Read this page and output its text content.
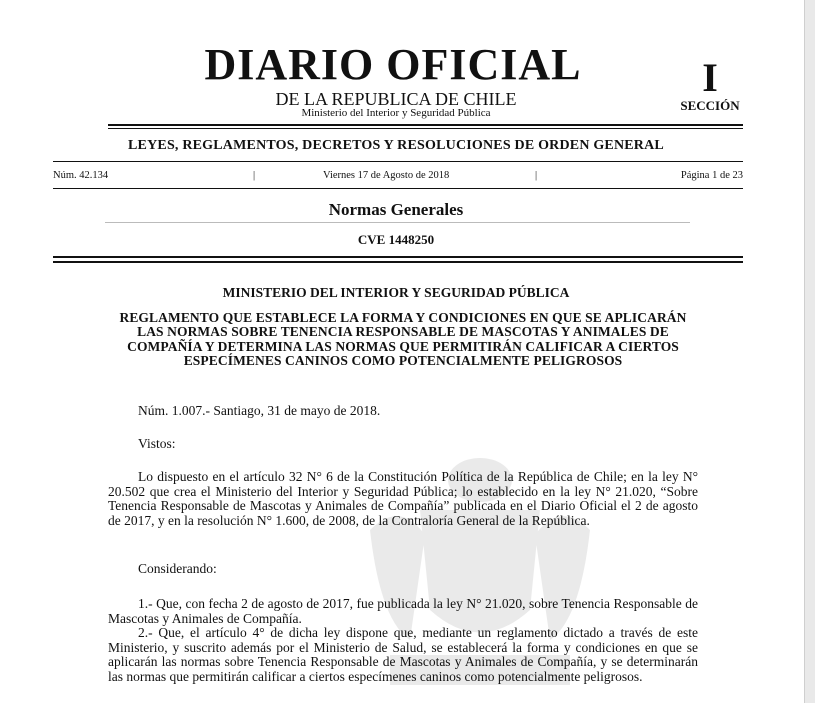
DIARIO OFICIAL
DE LA REPUBLICA DE CHILE
Ministerio del Interior y Seguridad Pública
I
SECCIÓN
LEYES, REGLAMENTOS, DECRETOS Y RESOLUCIONES DE ORDEN GENERAL
Núm. 42.134	|	Viernes 17 de Agosto de 2018	|	Página 1 de 23
Normas Generales
CVE 1448250
MINISTERIO DEL INTERIOR Y SEGURIDAD PÚBLICA
REGLAMENTO QUE ESTABLECE LA FORMA Y CONDICIONES EN QUE SE APLICARÁN LAS NORMAS SOBRE TENENCIA RESPONSABLE DE MASCOTAS Y ANIMALES DE COMPAÑÍA Y DETERMINA LAS NORMAS QUE PERMITIRÁN CALIFICAR A CIERTOS ESPECÍMENES CANINOS COMO POTENCIALMENTE PELIGROSOS
Núm. 1.007.- Santiago, 31 de mayo de 2018.
Vistos:
Lo dispuesto en el artículo 32 N° 6 de la Constitución Política de la República de Chile; en la ley N° 20.502 que crea el Ministerio del Interior y Seguridad Pública; lo establecido en la ley N° 21.020, “Sobre Tenencia Responsable de Mascotas y Animales de Compañía” publicada en el Diario Oficial el 2 de agosto de 2017, y en la resolución N° 1.600, de 2008, de la Contraloría General de la República.
Considerando:
1.- Que, con fecha 2 de agosto de 2017, fue publicada la ley N° 21.020, sobre Tenencia Responsable de Mascotas y Animales de Compañía.
2.- Que, el artículo 4° de dicha ley dispone que, mediante un reglamento dictado a través de este Ministerio, y suscrito además por el Ministerio de Salud, se establecerá la forma y condiciones en que se aplicarán las normas sobre Tenencia Responsable de Mascotas y Animales de Compañía, y se determinarán las normas que permitirán calificar a ciertos especímenes caninos como potencialmente peligrosos.
